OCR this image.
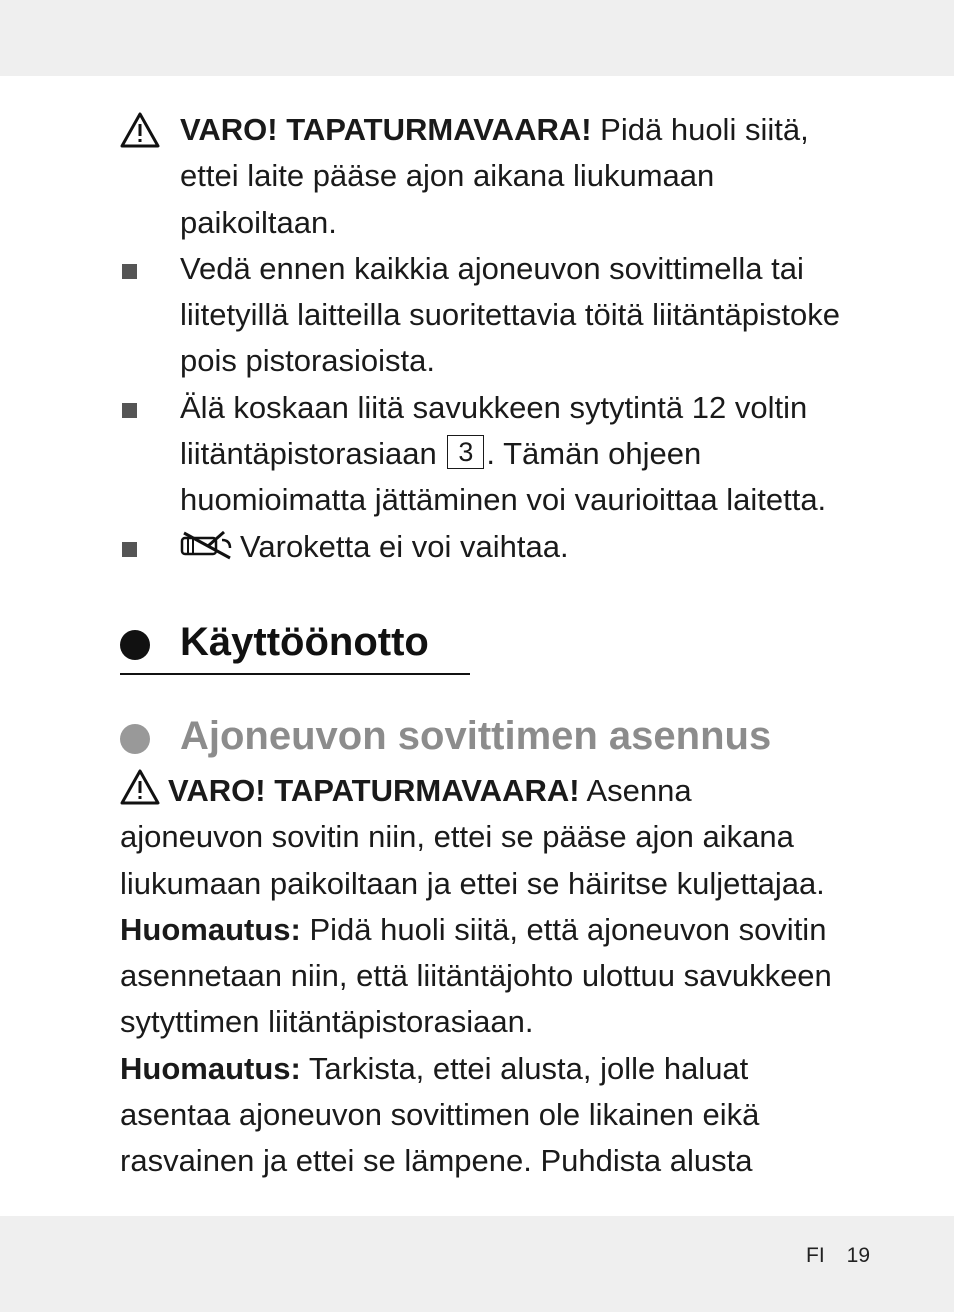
VARO! TAPATURMAVAARA! Pidä huoli siitä, ettei laite pääse ajon aikana liukumaan paikoiltaan.

Vedä ennen kaikkia ajoneuvon sovittimella tai liitetyillä laitteilla suoritettavia töitä liitäntäpistoke pois pistorasioista.

Älä koskaan liitä savukkeen sytytintä 12 voltin liitäntäpistorasiaan 3 . Tämän ohjeen huomioimatta jättäminen voi vaurioittaa laitetta.

Varoketta ei voi vaihtaa.

Käyttöönotto
Ajoneuvon sovittimen asennus

VARO! TAPATURMAVAARA! Asenna ajoneuvon sovitin niin, ettei se pääse ajon aikana liukumaan paikoiltaan ja ettei se häiritse kuljettajaa.

Huomautus: Pidä huoli siitä, että ajoneuvon sovitin asennetaan niin, että liitäntäjohto ulottuu savukkeen sytyttimen liitäntäpistorasiaan.

Huomautus: Tarkista, ettei alusta, jolle haluat asentaa ajoneuvon sovittimen ole likainen eikä rasvainen ja ettei se lämpene. Puhdista alusta

FI 19
